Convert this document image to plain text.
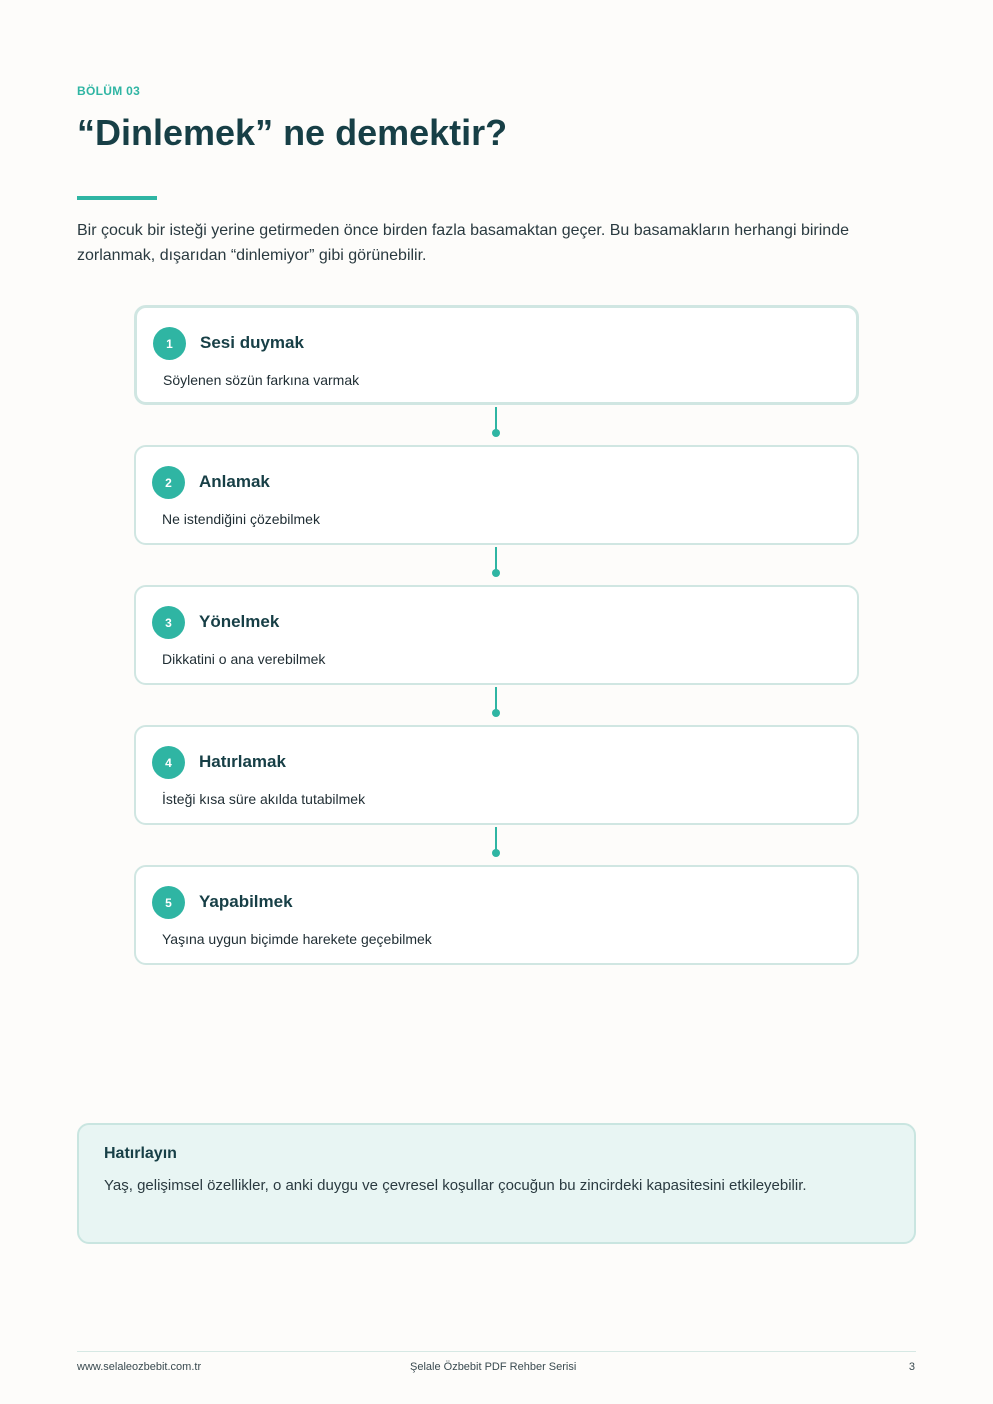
BÖLÜM 03
“Dinlemek” ne demektir?

Bir çocuk bir isteği yerine getirmeden önce birden fazla basamaktan geçer. Bu basamakların herhangi birinde zorlanmak, dışarıdan “dinlemiyor” gibi görünebilir.

1	Sesi duymak
Söylenen sözün farkına varmak
2	Anlamak
Ne istendiğini çözebilmek
3	Yönelmek
Dikkatini o ana verebilmek
4	Hatırlamak
İsteği kısa süre akılda tutabilmek
5	Yapabilmek
Yaşına uygun biçimde harekete geçebilmek
Hatırlayın
Yaş, gelişimsel özellikler, o anki duygu ve çevresel koşullar çocuğun bu zincirdeki kapasitesini etkileyebilir.
www.selaleozbebit.com.tr	Şelale Özbebit PDF Rehber Serisi	3
